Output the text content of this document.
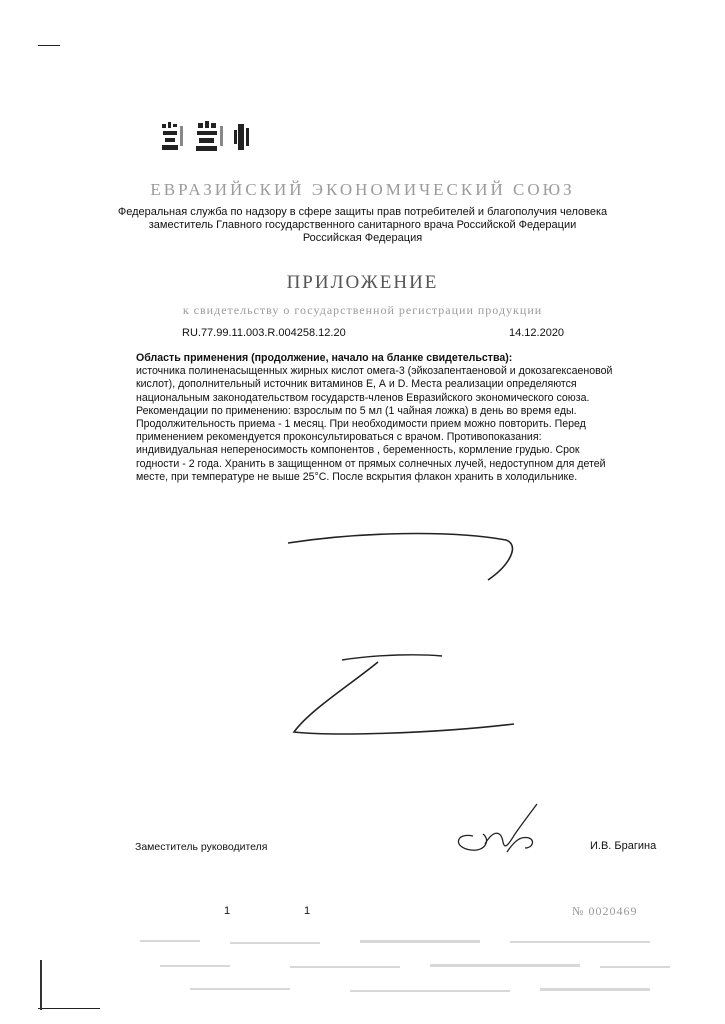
ЕВРАЗИЙСКИЙ ЭКОНОМИЧЕСКИЙ СОЮЗ
Федеральная служба по надзору в сфере защиты прав потребителей и благополучия человека
заместитель Главного государственного санитарного врача Российской Федерации
Российская Федерация
ПРИЛОЖЕНИЕ
к свидетельству о государственной регистрации продукции
RU.77.99.11.003.R.004258.12.20	14.12.2020
Область применения (продолжение, начало на бланке свидетельства):
источника полиненасыщенных жирных кислот омега-3 (эйкозапентаеновой и докозагексаеновой
кислот), дополнительный источник витаминов Е, А и D. Места реализации определяются
национальным законодательством государств-членов Евразийского экономического союза.
Рекомендации по применению: взрослым по 5 мл (1 чайная ложка) в день во время еды.
Продолжительность приема - 1 месяц. При необходимости прием можно повторить. Перед
применением рекомендуется проконсультироваться с врачом. Противопоказания:
индивидуальная непереносимость компонентов , беременность, кормление грудью. Срок
годности - 2 года. Хранить в защищенном от прямых солнечных лучей, недоступном для детей
месте, при температуре не выше 25°С. После вскрытия флакон хранить в холодильнике.
Заместитель руководителя	И.В. Брагина
1	1	№ 0020469
